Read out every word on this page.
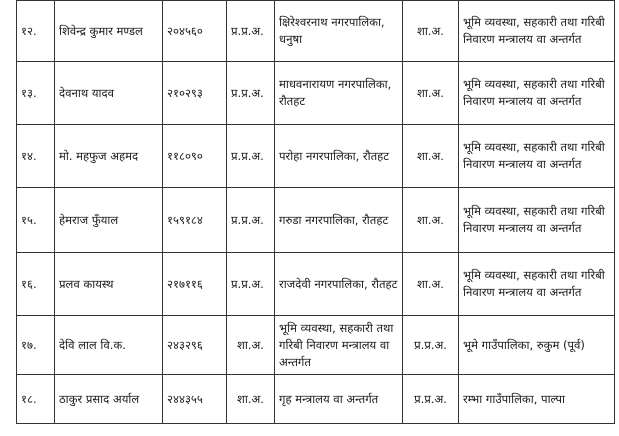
१२.	शिवेन्द्र कुमार मण्डल	२०४५६०	प्र.प्र.अ.	क्षिरेश्वरनाथ नगरपालिका, धनुषा	शा.अ.	भूमि व्यवस्था, सहकारी तथा गरिबी निवारण मन्त्रालय वा अन्तर्गत
१३.	देवनाथ यादव	२१०२९३	प्र.प्र.अ.	माधवनारायण नगरपालिका, रौतहट	शा.अ.	भूमि व्यवस्था, सहकारी तथा गरिबी निवारण मन्त्रालय वा अन्तर्गत
१४.	मो. महफुज अहमद	११८०९०	प्र.प्र.अ.	परोहा नगरपालिका, रौतहट	शा.अ.	भूमि व्यवस्था, सहकारी तथा गरिबी निवारण मन्त्रालय वा अन्तर्गत
१५.	हेमराज फुँयाल	१५९१८४	प्र.प्र.अ.	गरुडा नगरपालिका, रौतहट	शा.अ.	भूमि व्यवस्था, सहकारी तथा गरिबी निवारण मन्त्रालय वा अन्तर्गत
१६.	प्रलव कायस्थ	२१७११६	प्र.प्र.अ.	राजदेवी नगरपालिका, रौतहट	शा.अ.	भूमि व्यवस्था, सहकारी तथा गरिबी निवारण मन्त्रालय वा अन्तर्गत
१७.	देवि लाल वि.क.	२४३२९६	शा.अ.	भूमि व्यवस्था, सहकारी तथा गरिबी निवारण मन्त्रालय वा अन्तर्गत	प्र.प्र.अ.	भूमे गाउँपालिका, रुकुम (पूर्व)
१८.	ठाकुर प्रसाद अर्याल	२४४३५५	शा.अ.	गृह मन्त्रालय वा अन्तर्गत	प्र.प्र.अ.	रम्भा गाउँपालिका, पाल्पा
